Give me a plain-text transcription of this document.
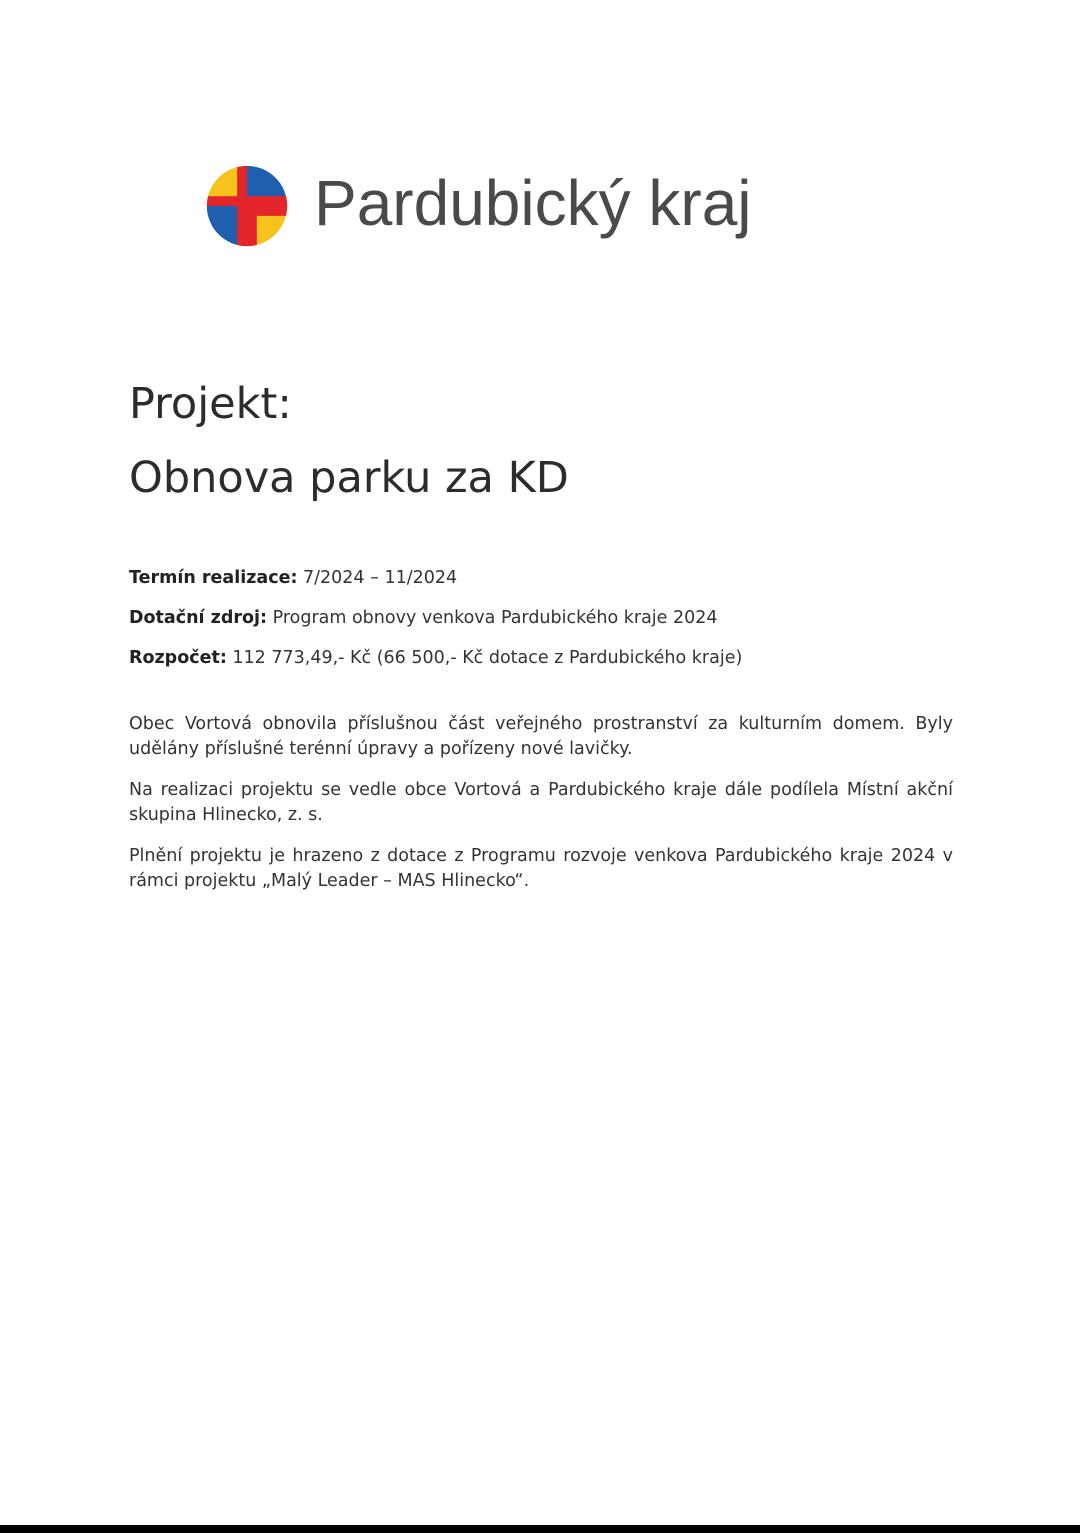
Pardubický kraj
Projekt:
Obnova parku za KD

Termín realizace: 7/2024 – 11/2024

Dotační zdroj: Program obnovy venkova Pardubického kraje 2024

Rozpočet: 112 773,49,- Kč (66 500,- Kč dotace z Pardubického kraje)

Obec Vortová obnovila příslušnou část veřejného prostranství za kulturním domem. Byly udělány příslušné terénní úpravy a pořízeny nové lavičky.

Na realizaci projektu se vedle obce Vortová a Pardubického kraje dále podílela Místní akční skupina Hlinecko, z. s.

Plnění projektu je hrazeno z dotace z Programu rozvoje venkova Pardubického kraje 2024 v rámci projektu „Malý Leader – MAS Hlinecko“.
